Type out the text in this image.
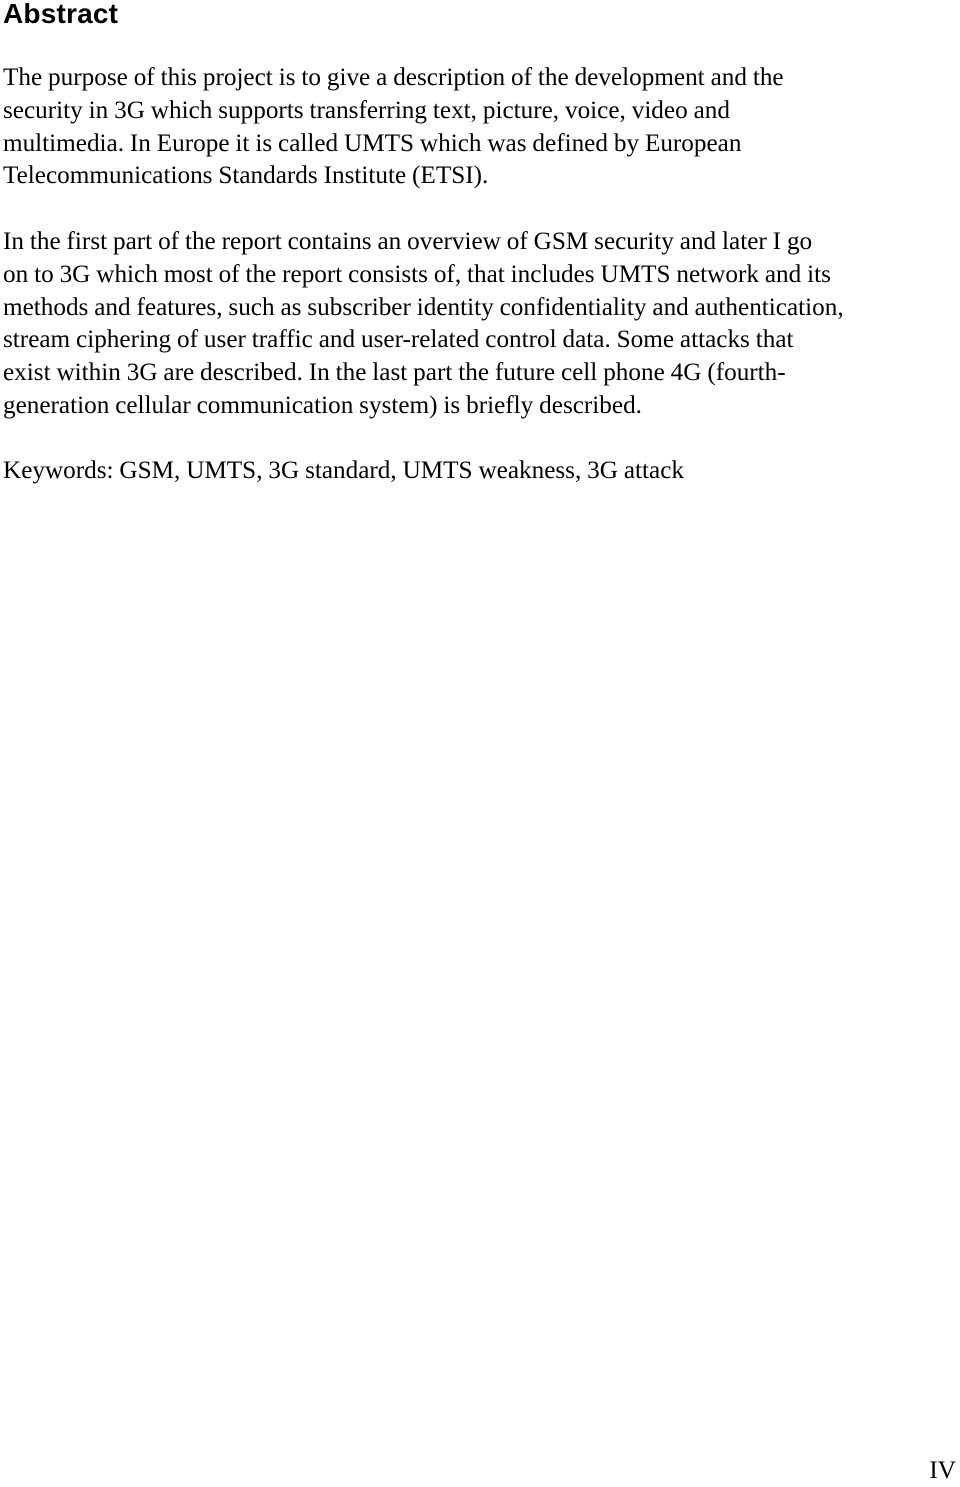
Abstract

The purpose of this project is to give a description of the development and the
security in 3G which supports transferring text, picture, voice, video and
multimedia. In Europe it is called UMTS which was defined by European
Telecommunications Standards Institute (ETSI).

In the first part of the report contains an overview of GSM security and later I go
on to 3G which most of the report consists of, that includes UMTS network and its
methods and features, such as subscriber identity confidentiality and authentication,
stream ciphering of user traffic and user-related control data. Some attacks that
exist within 3G are described. In the last part the future cell phone 4G (fourth-
generation cellular communication system) is briefly described.

Keywords: GSM, UMTS, 3G standard, UMTS weakness, 3G attack

IV
